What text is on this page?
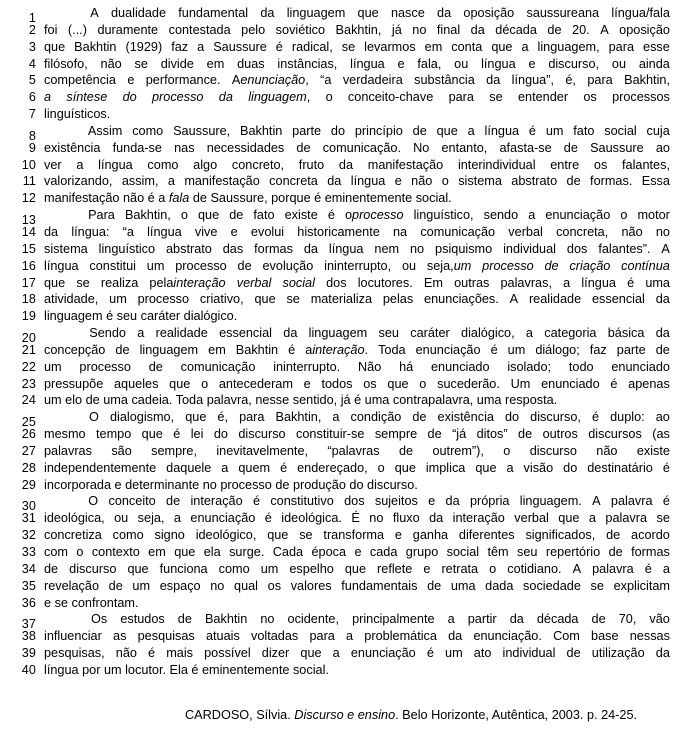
1	A dualidade fundamental da linguagem que nasce da oposição saussureana língua/fala
2 foi (...) duramente contestada pelo soviético Bakhtin, já no final da década de 20. A oposição
3 que Bakhtin (1929) faz a Saussure é radical, se levarmos em conta que a linguagem, para esse
4 filósofo, não se divide em duas instâncias, língua e fala, ou língua e discurso, ou ainda
5 competência e performance. Aenunciação, “a verdadeira substância da língua”, é, para Bakhtin,
6 a síntese do processo da linguagem, o conceito-chave para se entender os processos
7 linguísticos.
8	Assim como Saussure, Bakhtin parte do princípio de que a língua é um fato social cuja
9 existência funda-se nas necessidades de comunicação. No entanto, afasta-se de Saussure ao
10 ver a língua como algo concreto, fruto da manifestação interindividual entre os falantes,
11 valorizando, assim, a manifestação concreta da língua e não o sistema abstrato de formas. Essa
12 manifestação não é a fala de Saussure, porque é eminentemente social.
13	Para Bakhtin, o que de fato existe é oprocesso linguístico, sendo a enunciação o motor
14 da língua: “a língua vive e evolui historicamente na comunicação verbal concreta, não no
15 sistema linguístico abstrato das formas da língua nem no psiquismo individual dos falantes”. A
16 língua constitui um processo de evolução ininterrupto, ou seja,um processo de criação contínua
17 que se realiza pelainteração verbal social dos locutores. Em outras palavras, a língua é uma
18 atividade, um processo criativo, que se materializa pelas enunciações. A realidade essencial da
19 linguagem é seu caráter dialógico.
20	Sendo a realidade essencial da linguagem seu caráter dialógico, a categoria básica da
21 concepção de linguagem em Bakhtin é ainteração. Toda enunciação é um diálogo; faz parte de
22 um processo de comunicação ininterrupto. Não há enunciado isolado; todo enunciado
23 pressupõe aqueles que o antecederam e todos os que o sucederão. Um enunciado é apenas
24 um elo de uma cadeia. Toda palavra, nesse sentido, já é uma contrapalavra, uma resposta.
25	O dialogismo, que é, para Bakhtin, a condição de existência do discurso, é duplo: ao
26 mesmo tempo que é lei do discurso constituir-se sempre de “já ditos” de outros discursos (as
27 palavras são sempre, inevitavelmente, “palavras de outrem”), o discurso não existe
28 independentemente daquele a quem é endereçado, o que implica que a visão do destinatário é
29 incorporada e determinante no processo de produção do discurso.
30	O conceito de interação é constitutivo dos sujeitos e da própria linguagem. A palavra é
31 ideológica, ou seja, a enunciação é ideológica. É no fluxo da interação verbal que a palavra se
32 concretiza como signo ideológico, que se transforma e ganha diferentes significados, de acordo
33 com o contexto em que ela surge. Cada época e cada grupo social têm seu repertório de formas
34 de discurso que funciona como um espelho que reflete e retrata o cotidiano. A palavra é a
35 revelação de um espaço no qual os valores fundamentais de uma dada sociedade se explicitam
36 e se confrontam.
37	Os estudos de Bakhtin no ocidente, principalmente a partir da década de 70, vão
38 influenciar as pesquisas atuais voltadas para a problemática da enunciação. Com base nessas
39 pesquisas, não é mais possível dizer que a enunciação é um ato individual de utilização da
40 língua por um locutor. Ela é eminentemente social.
CARDOSO, Sílvia. Discurso e ensino. Belo Horizonte, Autêntica, 2003. p. 24-25.
